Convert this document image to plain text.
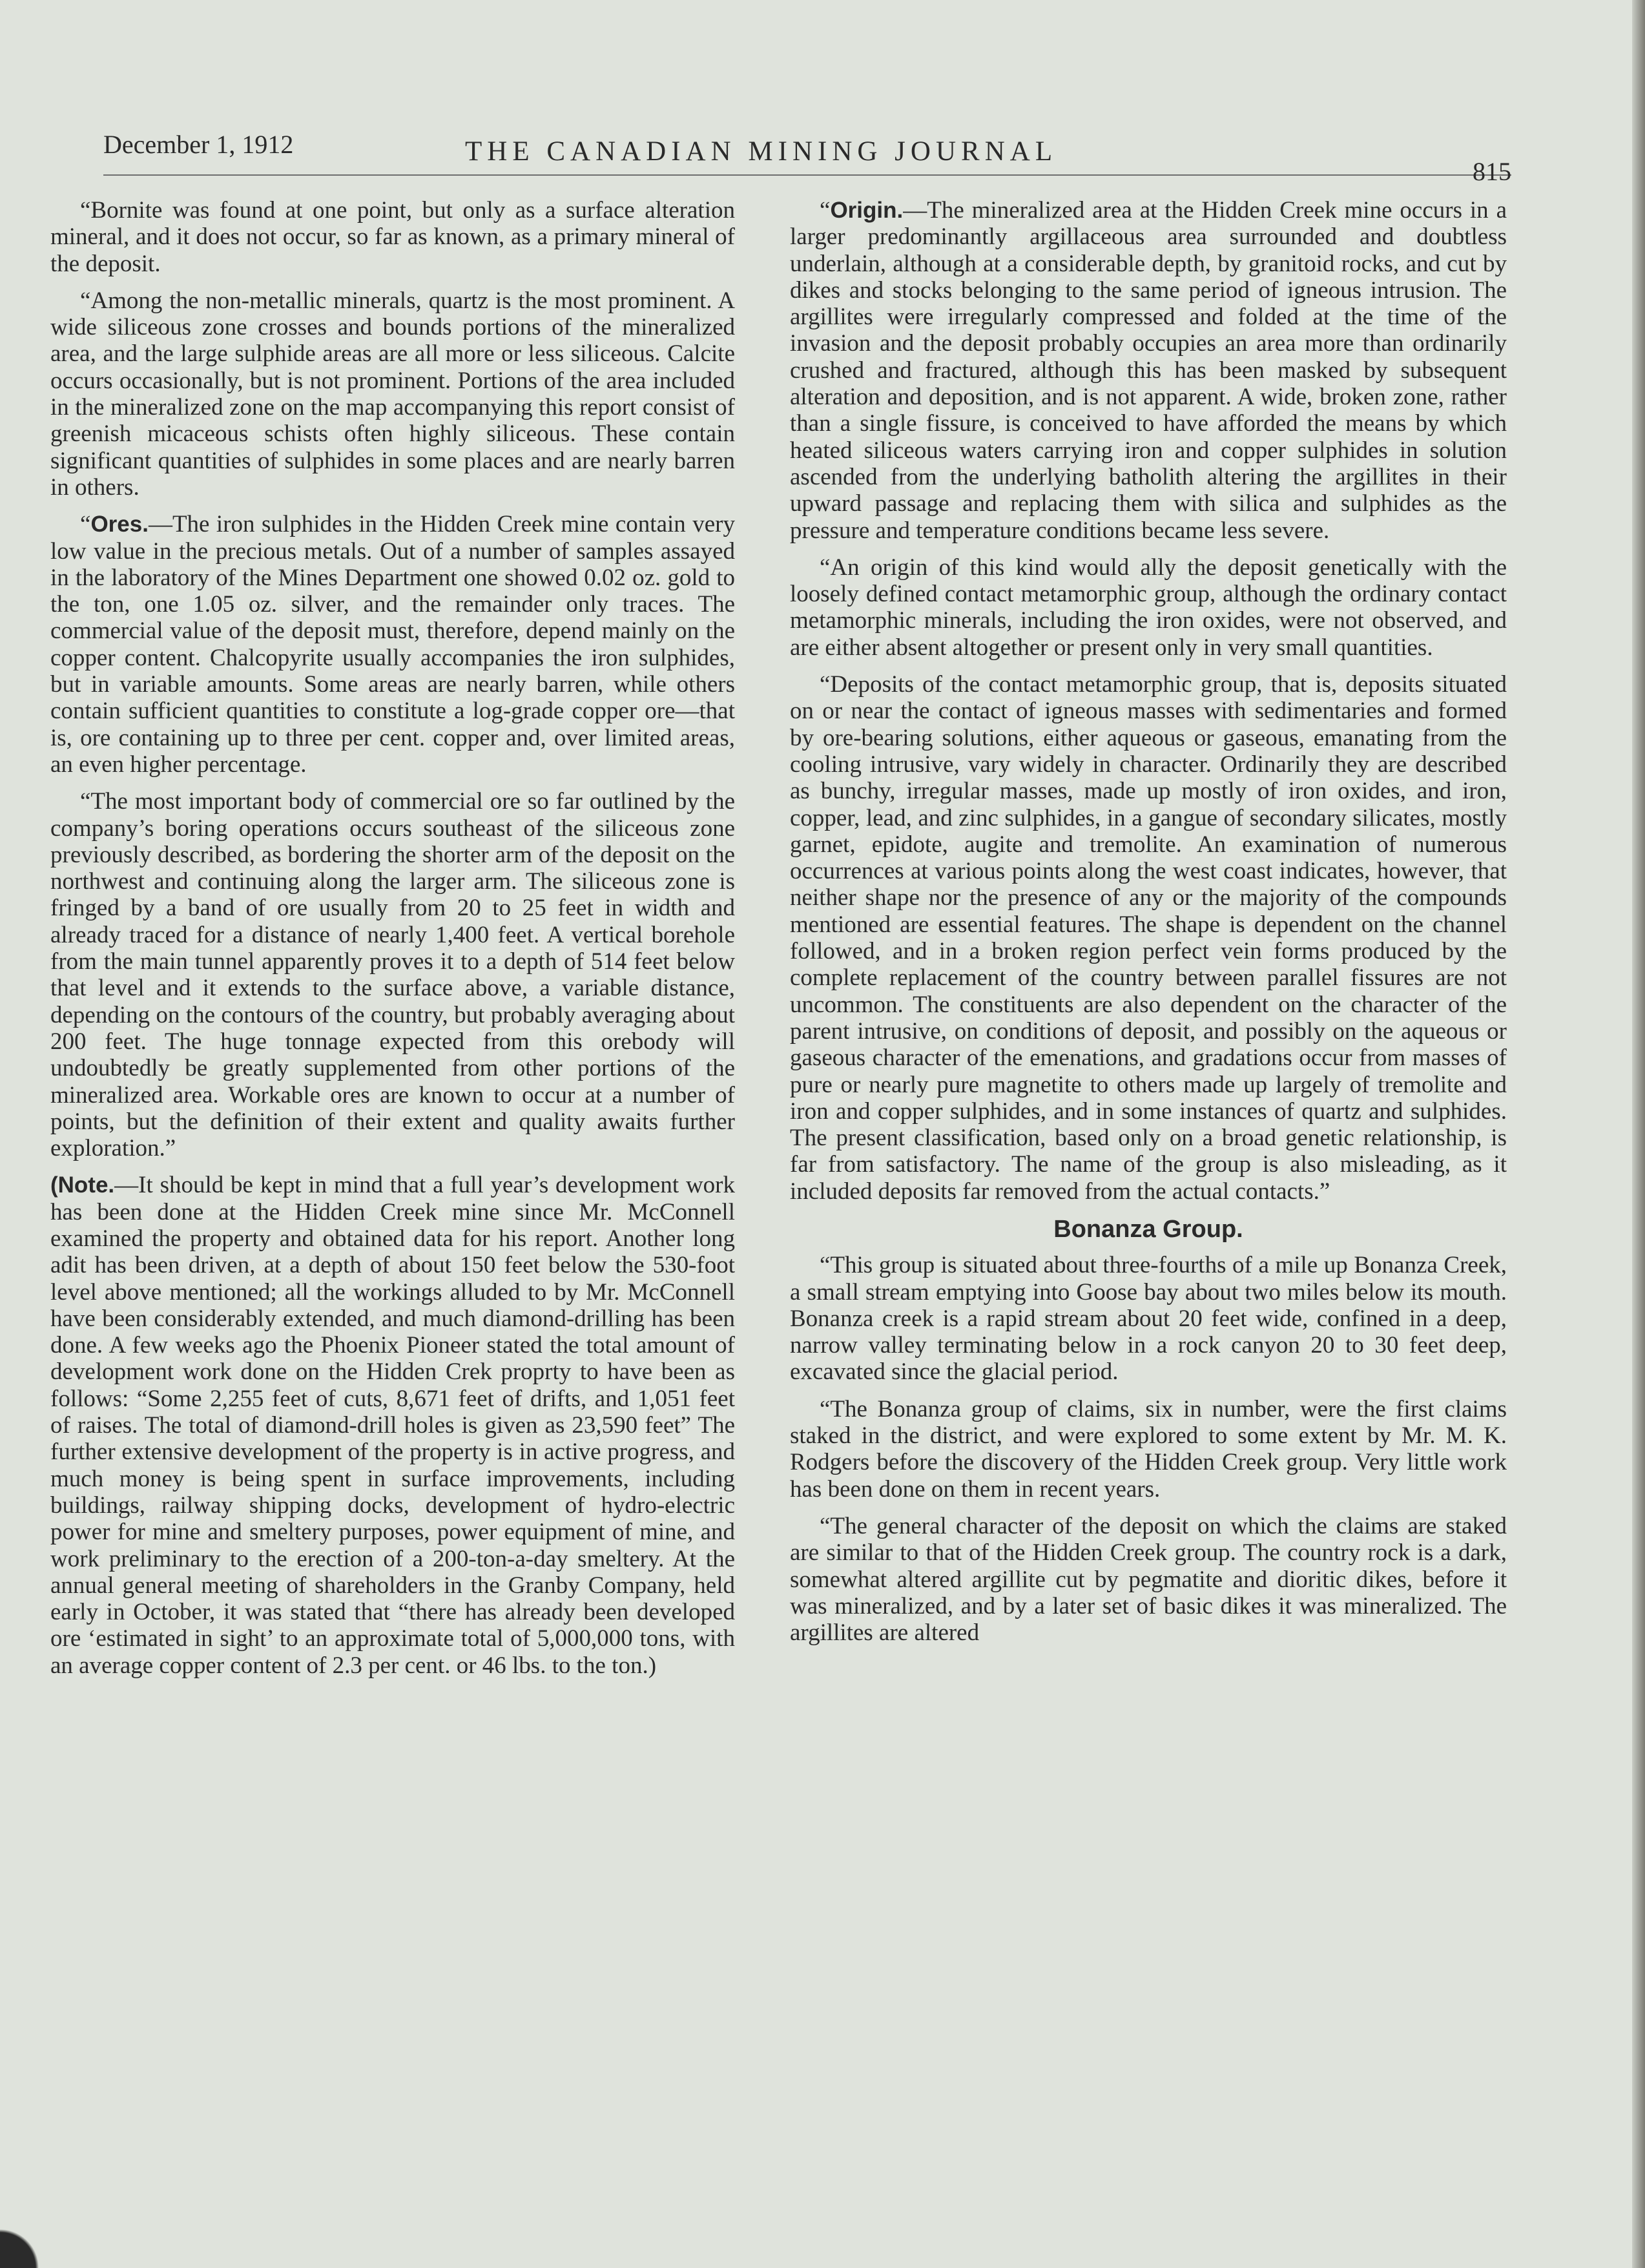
December 1, 1912	THE CANADIAN MINING JOURNAL
815

“Bornite was found at one point, but only as a surface alteration mineral, and it does not occur, so far as known, as a primary mineral of the deposit.

“Among the non-metallic minerals, quartz is the most prominent. A wide siliceous zone crosses and bounds portions of the mineralized area, and the large sulphide areas are all more or less siliceous. Calcite occurs occasionally, but is not prominent. Portions of the area included in the mineralized zone on the map accompanying this report consist of greenish micaceous schists often highly siliceous. These contain significant quantities of sulphides in some places and are nearly barren in others.

“Ores.—The iron sulphides in the Hidden Creek mine contain very low value in the precious metals. Out of a number of samples assayed in the laboratory of the Mines Department one showed 0.02 oz. gold to the ton, one 1.05 oz. silver, and the remainder only traces. The commercial value of the deposit must, therefore, depend mainly on the copper content. Chalcopyrite usually accompanies the iron sulphides, but in variable amounts. Some areas are nearly barren, while others contain sufficient quantities to constitute a log-grade copper ore—that is, ore containing up to three per cent. copper and, over limited areas, an even higher percentage.

“The most important body of commercial ore so far outlined by the company’s boring operations occurs southeast of the siliceous zone previously described, as bordering the shorter arm of the deposit on the northwest and continuing along the larger arm. The siliceous zone is fringed by a band of ore usually from 20 to 25 feet in width and already traced for a distance of nearly 1,400 feet. A vertical borehole from the main tunnel apparently proves it to a depth of 514 feet below that level and it extends to the surface above, a variable distance, depending on the contours of the country, but probably averaging about 200 feet. The huge tonnage expected from this orebody will undoubtedly be greatly supplemented from other portions of the mineralized area. Workable ores are known to occur at a number of points, but the definition of their extent and quality awaits further exploration.”

(Note.—It should be kept in mind that a full year’s development work has been done at the Hidden Creek mine since Mr. McConnell examined the property and obtained data for his report. Another long adit has been driven, at a depth of about 150 feet below the 530-foot level above mentioned; all the workings alluded to by Mr. McConnell have been considerably extended, and much diamond-drilling has been done. A few weeks ago the Phoenix Pioneer stated the total amount of development work done on the Hidden Crek proprty to have been as follows: “Some 2,255 feet of cuts, 8,671 feet of drifts, and 1,051 feet of raises. The total of diamond-drill holes is given as 23,590 feet” The further extensive development of the property is in active progress, and much money is being spent in surface improvements, including buildings, railway shipping docks, development of hydro-electric power for mine and smeltery purposes, power equipment of mine, and work preliminary to the erection of a 200-ton-a-day smeltery. At the annual general meeting of shareholders in the Granby Company, held early in October, it was stated that “there has already been developed ore ‘estimated in sight’ to an approximate total of 5,000,000 tons, with an average copper content of 2.3 per cent. or 46 lbs. to the ton.)

“Origin.—The mineralized area at the Hidden Creek mine occurs in a larger predominantly argillaceous area surrounded and doubtless underlain, although at a considerable depth, by granitoid rocks, and cut by dikes and stocks belonging to the same period of igneous intrusion. The argillites were irregularly compressed and folded at the time of the invasion and the deposit probably occupies an area more than ordinarily crushed and fractured, although this has been masked by subsequent alteration and deposition, and is not apparent. A wide, broken zone, rather than a single fissure, is conceived to have afforded the means by which heated siliceous waters carrying iron and copper sulphides in solution ascended from the underlying batholith altering the argillites in their upward passage and replacing them with silica and sulphides as the pressure and temperature conditions became less severe.

“An origin of this kind would ally the deposit genetically with the loosely defined contact metamorphic group, although the ordinary contact metamorphic minerals, including the iron oxides, were not observed, and are either absent altogether or present only in very small quantities.

“Deposits of the contact metamorphic group, that is, deposits situated on or near the contact of igneous masses with sedimentaries and formed by ore-bearing solutions, either aqueous or gaseous, emanating from the cooling intrusive, vary widely in character. Ordinarily they are described as bunchy, irregular masses, made up mostly of iron oxides, and iron, copper, lead, and zinc sulphides, in a gangue of secondary silicates, mostly garnet, epidote, augite and tremolite. An examination of numerous occurrences at various points along the west coast indicates, however, that neither shape nor the presence of any or the majority of the compounds mentioned are essential features. The shape is dependent on the channel followed, and in a broken region perfect vein forms produced by the complete replacement of the country between parallel fissures are not uncommon. The constituents are also dependent on the character of the parent intrusive, on conditions of deposit, and possibly on the aqueous or gaseous character of the emenations, and gradations occur from masses of pure or nearly pure magnetite to others made up largely of tremolite and iron and copper sulphides, and in some instances of quartz and sulphides. The present classification, based only on a broad genetic relationship, is far from satisfactory. The name of the group is also misleading, as it included deposits far removed from the actual contacts.”

Bonanza Group.

“This group is situated about three-fourths of a mile up Bonanza Creek, a small stream emptying into Goose bay about two miles below its mouth. Bonanza creek is a rapid stream about 20 feet wide, confined in a deep, narrow valley terminating below in a rock canyon 20 to 30 feet deep, excavated since the glacial period.

“The Bonanza group of claims, six in number, were the first claims staked in the district, and were explored to some extent by Mr. M. K. Rodgers before the discovery of the Hidden Creek group. Very little work has been done on them in recent years.

“The general character of the deposit on which the claims are staked are similar to that of the Hidden Creek group. The country rock is a dark, somewhat altered argillite cut by pegmatite and dioritic dikes, before it was mineralized, and by a later set of basic dikes it was mineralized. The argillites are altered
